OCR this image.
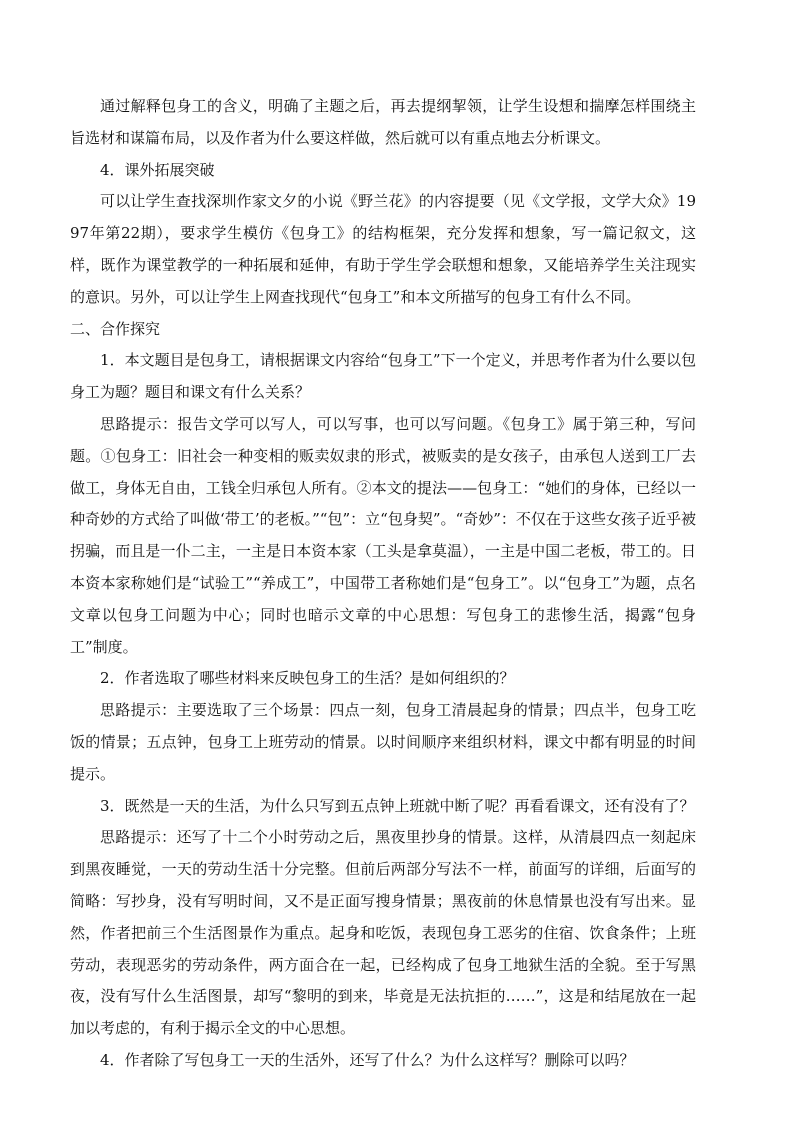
通过解释包身工的含义，明确了主题之后，再去提纲挈领，让学生设想和揣摩怎样围绕主旨选材和谋篇布局，以及作者为什么要这样做，然后就可以有重点地去分析课文。

4．课外拓展突破

可以让学生查找深圳作家文夕的小说《野兰花》的内容提要（见《文学报，文学大众》1997年第22期），要求学生模仿《包身工》的结构框架，充分发挥和想象，写一篇记叙文，这样，既作为课堂教学的一种拓展和延伸，有助于学生学会联想和想象，又能培养学生关注现实的意识。另外，可以让学生上网查找现代“包身工”和本文所描写的包身工有什么不同。

二、合作探究

1．本文题目是包身工，请根据课文内容给“包身工”下一个定义，并思考作者为什么要以包身工为题？题目和课文有什么关系？

思路提示：报告文学可以写人，可以写事，也可以写问题。《包身工》属于第三种，写问题。①包身工：旧社会一种变相的贩卖奴隶的形式，被贩卖的是女孩子，由承包人送到工厂去做工，身体无自由，工钱全归承包人所有。②本文的提法——包身工：“她们的身体，已经以一种奇妙的方式给了叫做‘带工’的老板。”“包”：立“包身契”。“奇妙”：不仅在于这些女孩子近乎被拐骗，而且是一仆二主，一主是日本资本家（工头是拿莫温），一主是中国二老板，带工的。日本资本家称她们是“试验工”“养成工”，中国带工者称她们是“包身工”。以“包身工”为题，点名文章以包身工问题为中心；同时也暗示文章的中心思想：写包身工的悲惨生活，揭露“包身工”制度。

2．作者选取了哪些材料来反映包身工的生活？是如何组织的？

思路提示：主要选取了三个场景：四点一刻，包身工清晨起身的情景；四点半，包身工吃饭的情景；五点钟，包身工上班劳动的情景。以时间顺序来组织材料，课文中都有明显的时间提示。

3．既然是一天的生活，为什么只写到五点钟上班就中断了呢？再看看课文，还有没有了？

思路提示：还写了十二个小时劳动之后，黑夜里抄身的情景。这样，从清晨四点一刻起床到黑夜睡觉，一天的劳动生活十分完整。但前后两部分写法不一样，前面写的详细，后面写的简略：写抄身，没有写明时间，又不是正面写搜身情景；黑夜前的休息情景也没有写出来。显然，作者把前三个生活图景作为重点。起身和吃饭，表现包身工恶劣的住宿、饮食条件；上班劳动，表现恶劣的劳动条件，两方面合在一起，已经构成了包身工地狱生活的全貌。至于写黑夜，没有写什么生活图景，却写“黎明的到来，毕竟是无法抗拒的……”，这是和结尾放在一起加以考虑的，有利于揭示全文的中心思想。

4．作者除了写包身工一天的生活外，还写了什么？为什么这样写？删除可以吗？
